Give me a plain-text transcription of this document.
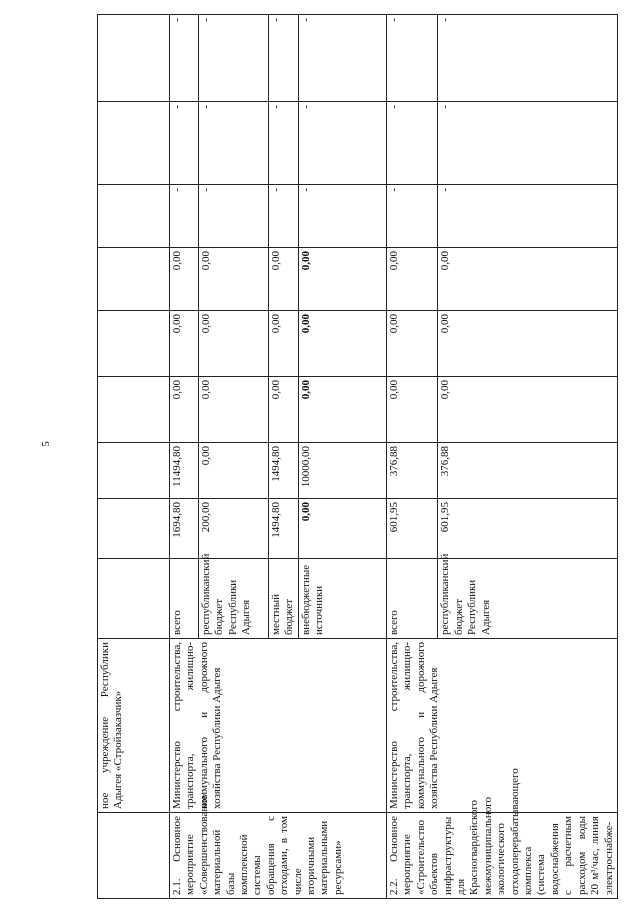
5
	ное учреждение Республики Адыгея «Стройзаказчик»									
2.1. Основное мероприятие «Совершенствование материальной базы комплексной системы обращения с отходами, в том числе вторичными материальными ресурсами»	Министерство строительства, транспорта, жилищно-коммунального и дорожного хозяйства Республики Адыгея	всего	1694,80	11494,80	0,00	0,00	0,00	-	-	-
		республиканский бюджет Республики Адыгея	200,00	0,00	0,00	0,00	0,00	-	-	-
		местный бюджет	1494,80	1494,80	0,00	0,00	0,00	-	-	-
		внебюджетные источники	0,00	10000,00	0,00	0,00	0,00	-	-	-
2.2. Основное мероприятие «Строительство объектов инфраструктуры для Красногвардейского межмуниципального экологического отходоперерабатывающего комплекса (система водоснабжения с расчетным расходом воды 20 м³/час, линия электроснабже-	Министерство строительства, транспорта, жилищно-коммунального и дорожного хозяйства Республики Адыгея	всего	601,95	376,88	0,00	0,00	0,00	-	-	-
		республиканский бюджет Республики Адыгея	601,95	376,88	0,00	0,00	0,00	-	-	-
